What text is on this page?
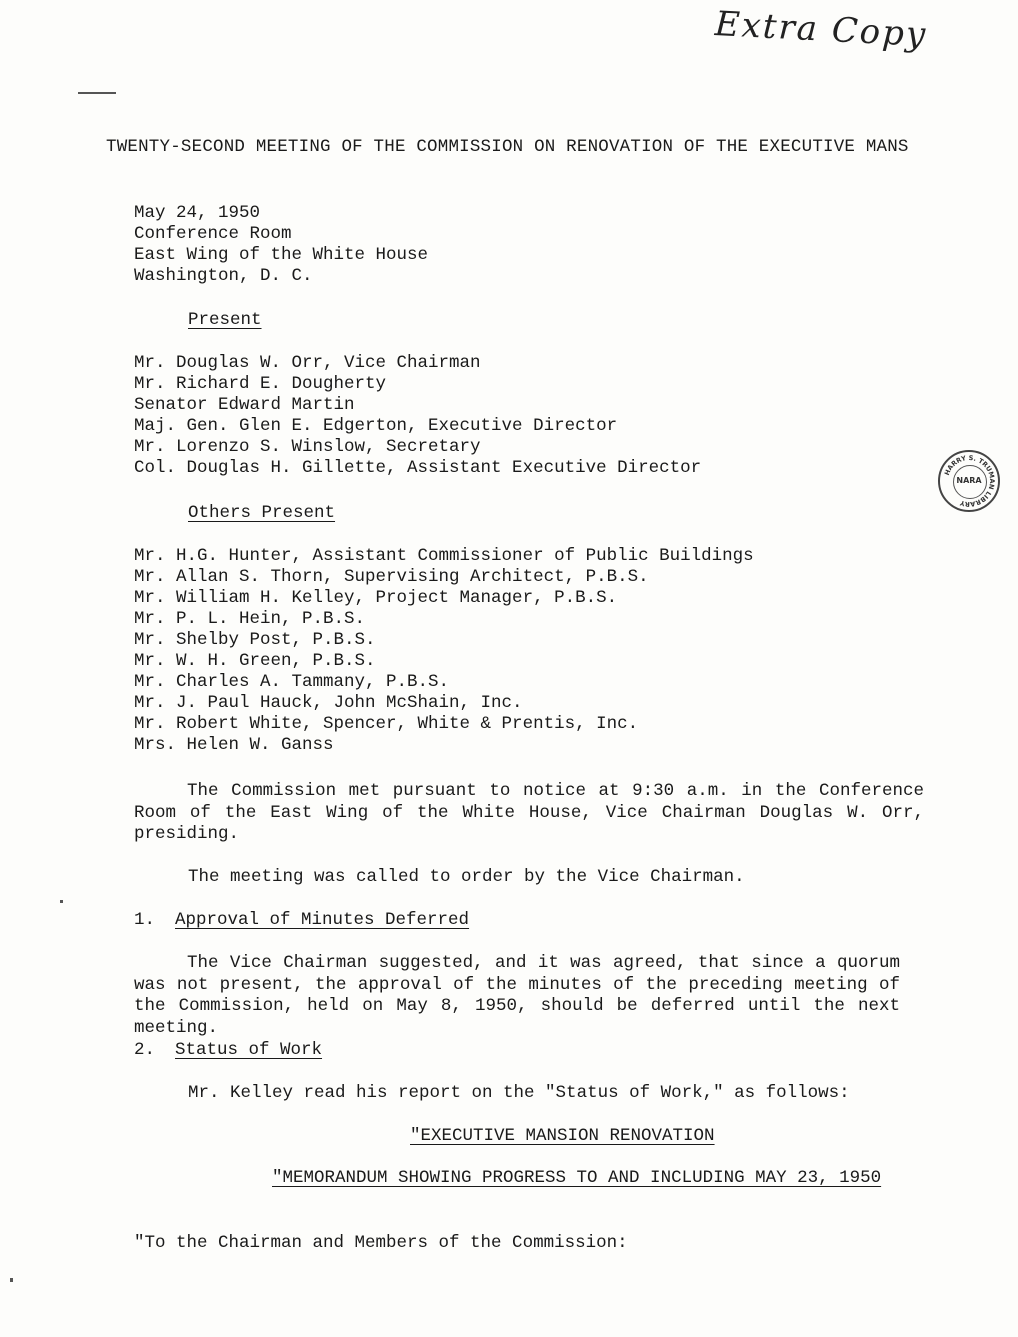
Extra Copy
TWENTY-SECOND MEETING OF THE COMMISSION ON RENOVATION OF THE EXECUTIVE MANS
May 24, 1950
Conference Room
East Wing of the White House
Washington, D. C.
Present
Mr. Douglas W. Orr, Vice Chairman
Mr. Richard E. Dougherty
Senator Edward Martin
Maj. Gen. Glen E. Edgerton, Executive Director
Mr. Lorenzo S. Winslow, Secretary
Col. Douglas H. Gillette, Assistant Executive Director	HARRY S. TRUMAN LIBRARY
NARA
Others Present
Mr. H.G. Hunter, Assistant Commissioner of Public Buildings
Mr. Allan S. Thorn, Supervising Architect, P.B.S.
Mr. William H. Kelley, Project Manager, P.B.S.
Mr. P. L. Hein, P.B.S.
Mr. Shelby Post, P.B.S.
Mr. W. H. Green, P.B.S.
Mr. Charles A. Tammany, P.B.S.
Mr. J. Paul Hauck, John McShain, Inc.
Mr. Robert White, Spencer, White & Prentis, Inc.
Mrs. Helen W. Ganss
The Commission met pursuant to notice at 9:30 a.m. in the Conference Room of the East Wing of the White House, Vice Chairman Douglas W. Orr, presiding.
The meeting was called to order by the Vice Chairman.
1. Approval of Minutes Deferred
The Vice Chairman suggested, and it was agreed, that since a quorum was not present, the approval of the minutes of the preceding meeting of the Commission, held on May 8, 1950, should be deferred until the next meeting.
2. Status of Work
Mr. Kelley read his report on the "Status of Work," as follows:
"EXECUTIVE MANSION RENOVATION
"MEMORANDUM SHOWING PROGRESS TO AND INCLUDING MAY 23, 1950
"To the Chairman and Members of the Commission:
